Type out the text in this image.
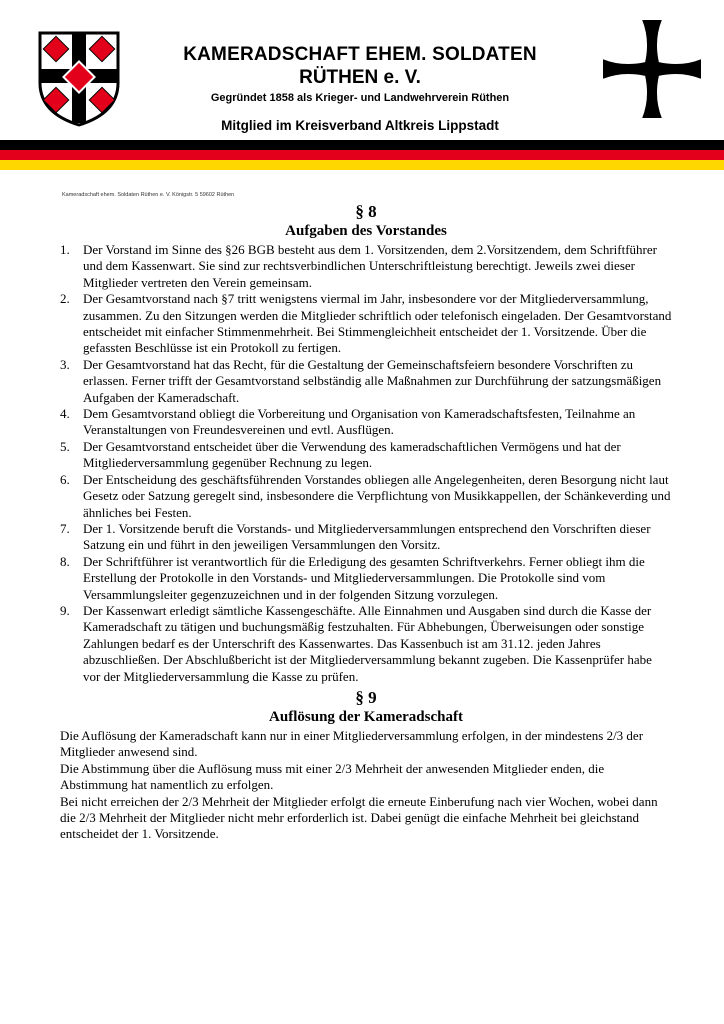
KAMERADSCHAFT EHEM. SOLDATEN
RÜTHEN e. V.
Gegründet 1858 als Krieger- und Landwehrverein Rüthen
Mitglied im Kreisverband Altkreis Lippstadt
Kameradschaft ehem. Soldaten Rüthen e. V. Königstr. 5 59602 Rüthen
§ 8
Aufgaben des Vorstandes
1. Der Vorstand im Sinne des §26 BGB besteht aus dem 1. Vorsitzenden, dem 2.Vorsitzendem, dem Schriftführer und dem Kassenwart. Sie sind zur rechtsverbindlichen Unterschriftleistung berechtigt. Jeweils zwei dieser Mitglieder vertreten den Verein gemeinsam.
2. Der Gesamtvorstand nach §7 tritt wenigstens viermal im Jahr, insbesondere vor der Mitgliederversammlung, zusammen. Zu den Sitzungen werden die Mitglieder schriftlich oder telefonisch eingeladen. Der Gesamtvorstand entscheidet mit einfacher Stimmenmehrheit. Bei Stimmengleichheit entscheidet der 1. Vorsitzende. Über die gefassten Beschlüsse ist ein Protokoll zu fertigen.
3. Der Gesamtvorstand hat das Recht, für die Gestaltung der Gemeinschaftsfeiern besondere Vorschriften zu erlassen. Ferner trifft der Gesamtvorstand selbständig alle Maßnahmen zur Durchführung der satzungsmäßigen Aufgaben der Kameradschaft.
4. Dem Gesamtvorstand obliegt die Vorbereitung und Organisation von Kameradschaftsfesten, Teilnahme an Veranstaltungen von Freundesvereinen und evtl. Ausflügen.
5. Der Gesamtvorstand entscheidet über die Verwendung des kameradschaftlichen Vermögens und hat der Mitgliederversammlung gegenüber Rechnung zu legen.
6. Der Entscheidung des geschäftsführenden Vorstandes obliegen alle Angelegenheiten, deren Besorgung nicht laut Gesetz oder Satzung geregelt sind, insbesondere die Verpflichtung von Musikkappellen, der Schänkeverding und ähnliches bei Festen.
7. Der 1. Vorsitzende beruft die Vorstands- und Mitgliederversammlungen entsprechend den Vorschriften dieser Satzung ein und führt in den jeweiligen Versammlungen den Vorsitz.
8. Der Schriftführer ist verantwortlich für die Erledigung des gesamten Schriftverkehrs. Ferner obliegt ihm die Erstellung der Protokolle in den Vorstands- und Mitgliederversammlungen. Die Protokolle sind vom Versammlungsleiter gegenzuzeichnen und in der folgenden Sitzung vorzulegen.
9. Der Kassenwart erledigt sämtliche Kassengeschäfte. Alle Einnahmen und Ausgaben sind durch die Kasse der Kameradschaft zu tätigen und buchungsmäßig festzuhalten. Für Abhebungen, Überweisungen oder sonstige Zahlungen bedarf es der Unterschrift des Kassenwartes. Das Kassenbuch ist am 31.12. jeden Jahres abzuschließen. Der Abschlußbericht ist der Mitgliederversammlung bekannt zugeben. Die Kassenprüfer habe vor der Mitgliederversammlung die Kasse zu prüfen.
§ 9
Auflösung der Kameradschaft

Die Auflösung der Kameradschaft kann nur in einer Mitgliederversammlung erfolgen, in der mindestens 2/3 der Mitglieder anwesend sind.

Die Abstimmung über die Auflösung muss mit einer 2/3 Mehrheit der anwesenden Mitglieder enden, die Abstimmung hat namentlich zu erfolgen.

Bei nicht erreichen der 2/3 Mehrheit der Mitglieder erfolgt die erneute Einberufung nach vier Wochen, wobei dann die 2/3 Mehrheit der Mitglieder nicht mehr erforderlich ist. Dabei genügt die einfache Mehrheit bei gleichstand entscheidet der 1. Vorsitzende.
